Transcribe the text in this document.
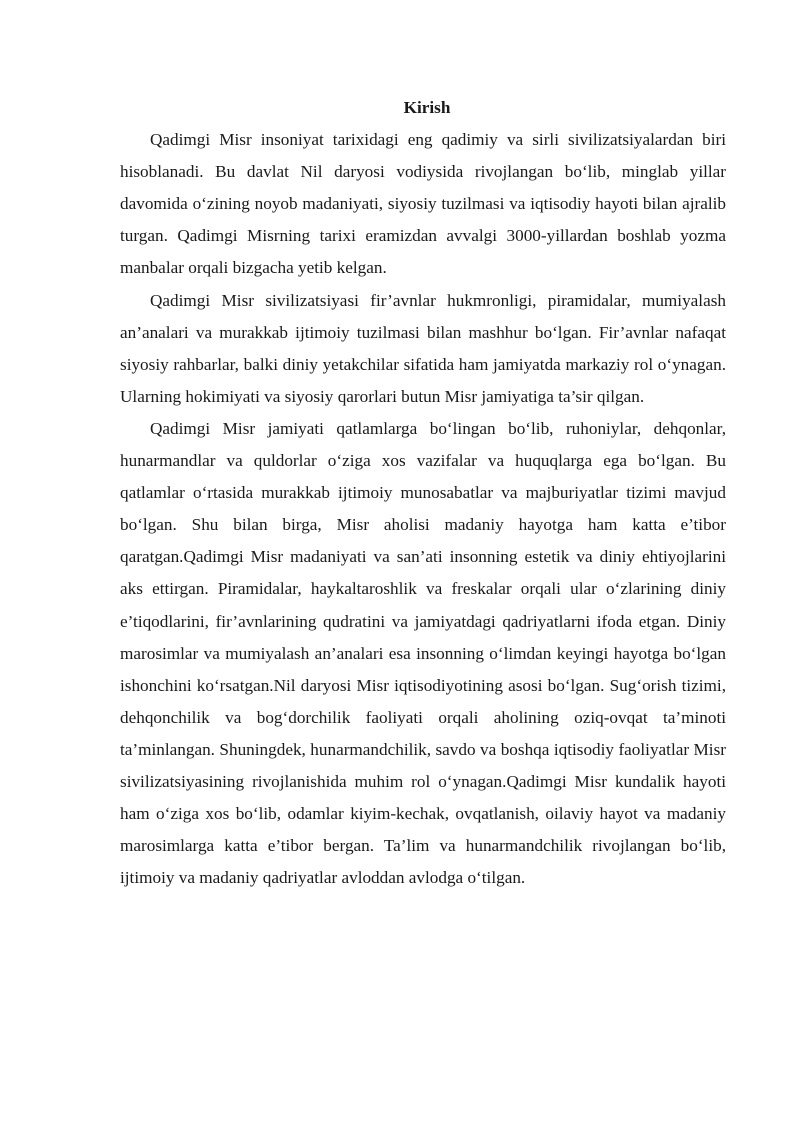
Kirish

Qadimgi Misr insoniyat tarixidagi eng qadimiy va sirli sivilizatsiyalardan biri hisoblanadi. Bu davlat Nil daryosi vodiysida rivojlangan bo‘lib, minglab yillar davomida o‘zining noyob madaniyati, siyosiy tuzilmasi va iqtisodiy hayoti bilan ajralib turgan. Qadimgi Misrning tarixi eramizdan avvalgi 3000-yillardan boshlab yozma manbalar orqali bizgacha yetib kelgan.

Qadimgi Misr sivilizatsiyasi fir’avnlar hukmronligi, piramidalar, mumiyalash an’analari va murakkab ijtimoiy tuzilmasi bilan mashhur bo‘lgan. Fir’avnlar nafaqat siyosiy rahbarlar, balki diniy yetakchilar sifatida ham jamiyatda markaziy rol o‘ynagan. Ularning hokimiyati va siyosiy qarorlari butun Misr jamiyatiga ta’sir qilgan.

Qadimgi Misr jamiyati qatlamlarga bo‘lingan bo‘lib, ruhoniylar, dehqonlar, hunarmandlar va quldorlar o‘ziga xos vazifalar va huquqlarga ega bo‘lgan. Bu qatlamlar o‘rtasida murakkab ijtimoiy munosabatlar va majburiyatlar tizimi mavjud bo‘lgan. Shu bilan birga, Misr aholisi madaniy hayotga ham katta e’tibor qaratgan.Qadimgi Misr madaniyati va san’ati insonning estetik va diniy ehtiyojlarini aks ettirgan. Piramidalar, haykaltaroshlik va freskalar orqali ular o‘zlarining diniy e’tiqodlarini, fir’avnlarining qudratini va jamiyatdagi qadriyatlarni ifoda etgan. Diniy marosimlar va mumiyalash an’analari esa insonning o‘limdan keyingi hayotga bo‘lgan ishonchini ko‘rsatgan.Nil daryosi Misr iqtisodiyotining asosi bo‘lgan. Sug‘orish tizimi, dehqonchilik va bog‘dorchilik faoliyati orqali aholining oziq-ovqat ta’minoti ta’minlangan. Shuningdek, hunarmandchilik, savdo va boshqa iqtisodiy faoliyatlar Misr sivilizatsiyasining rivojlanishida muhim rol o‘ynagan.Qadimgi Misr kundalik hayoti ham o‘ziga xos bo‘lib, odamlar kiyim-kechak, ovqatlanish, oilaviy hayot va madaniy marosimlarga katta e’tibor bergan. Ta’lim va hunarmandchilik rivojlangan bo‘lib, ijtimoiy va madaniy qadriyatlar avloddan avlodga o‘tilgan.
